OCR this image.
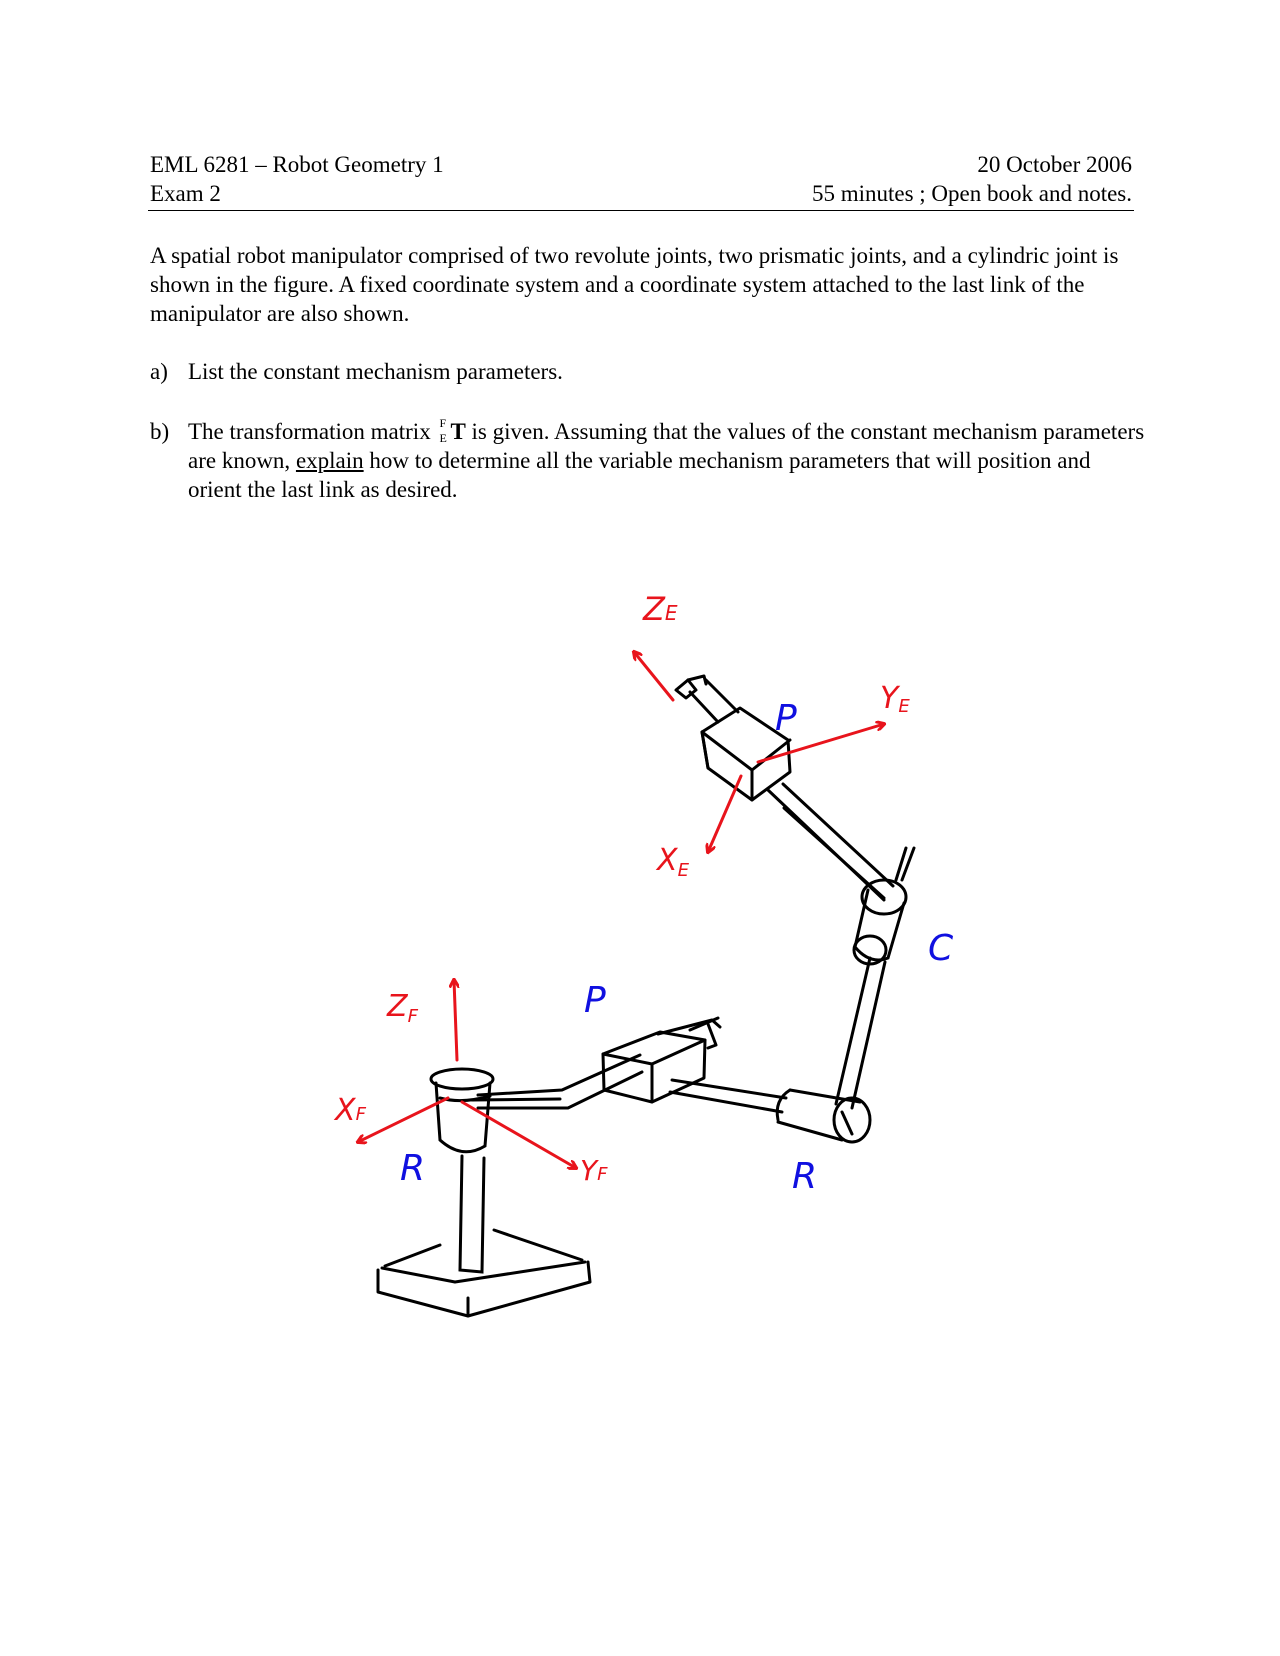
EML 6281 – Robot Geometry 1	20 October 2006
Exam 2	55 minutes ; Open book and notes.
A spatial robot manipulator comprised of two revolute joints, two prismatic joints, and a cylindric joint is shown in the figure. A fixed coordinate system and a coordinate system attached to the last link of the manipulator are also shown.
a) List the constant mechanism parameters.
b) The transformation matrix F
E T is given. Assuming that the values of the constant mechanism parameters are known, explain how to determine all the variable mechanism parameters that will position and orient the last link as desired.
$Z_F$
XF
YF
ZE
YE
$X_E$
R
P
R
C
P
